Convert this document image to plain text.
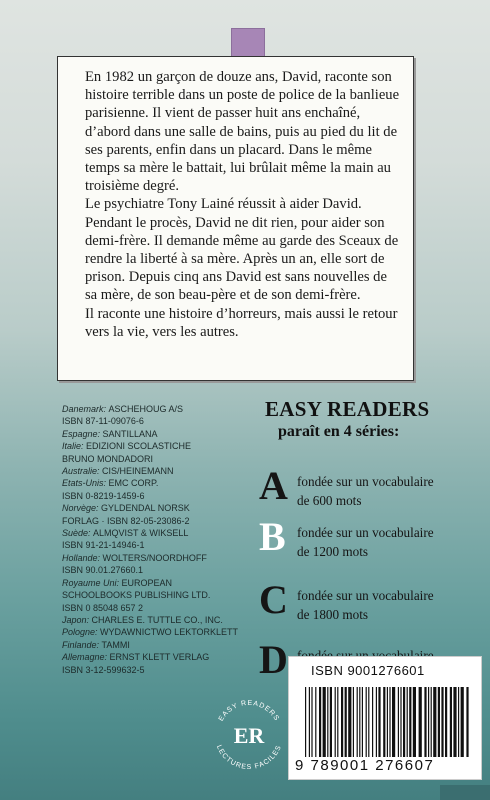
En 1982 un garçon de douze ans, David, raconte son histoire terrible dans un poste de police de la banlieue parisienne. Il vient de passer huit ans enchaîné, d’abord dans une salle de bains, puis au pied du lit de ses parents, enfin dans un placard. Dans le même temps sa mère le battait, lui brûlait même la main au troisième degré.

Le psychiatre Tony Lainé réussit à aider David. Pendant le procès, David ne dit rien, pour aider son demi-frère. Il demande même au garde des Sceaux de rendre la liberté à sa mère. Après un an, elle sort de prison. Depuis cinq ans David est sans nouvelles de sa mère, de son beau-père et de son demi-frère.

Il raconte une histoire d’horreurs, mais aussi le retour vers la vie, vers les autres.

Danemark: ASCHEHOUG A/S
ISBN 87-11-09076-6
Espagne: SANTILLANA
Italie: EDIZIONI SCOLASTICHE
BRUNO MONDADORI
Australie: CIS/HEINEMANN
Etats-Unis: EMC CORP.
ISBN 0-8219-1459-6
Norvège: GYLDENDAL NORSK
FORLAG · ISBN 82-05-23086-2
Suède: ALMQVIST & WIKSELL
ISBN 91-21-14946-1
Hollande: WOLTERS/NOORDHOFF
ISBN 90.01.27660.1
Royaume Uni: EUROPEAN
SCHOOLBOOKS PUBLISHING LTD.
ISBN 0 85048 657 2
Japon: CHARLES E. TUTTLE CO., INC.
Pologne: WYDAWNICTWO LEKTORKLETT
Finlande: TAMMI
Allemagne: ERNST KLETT VERLAG
ISBN 3-12-599632-5
EASY READERS
paraît en 4 séries:
A fondée sur un vocabulaire
de 600 mots
B fondée sur un vocabulaire
de 1200 mots
C fondée sur un vocabulaire
de 1800 mots
D
EASY READERS
LECTURES FACILES
ER
ISBN 9001276601
9 789001 276607
